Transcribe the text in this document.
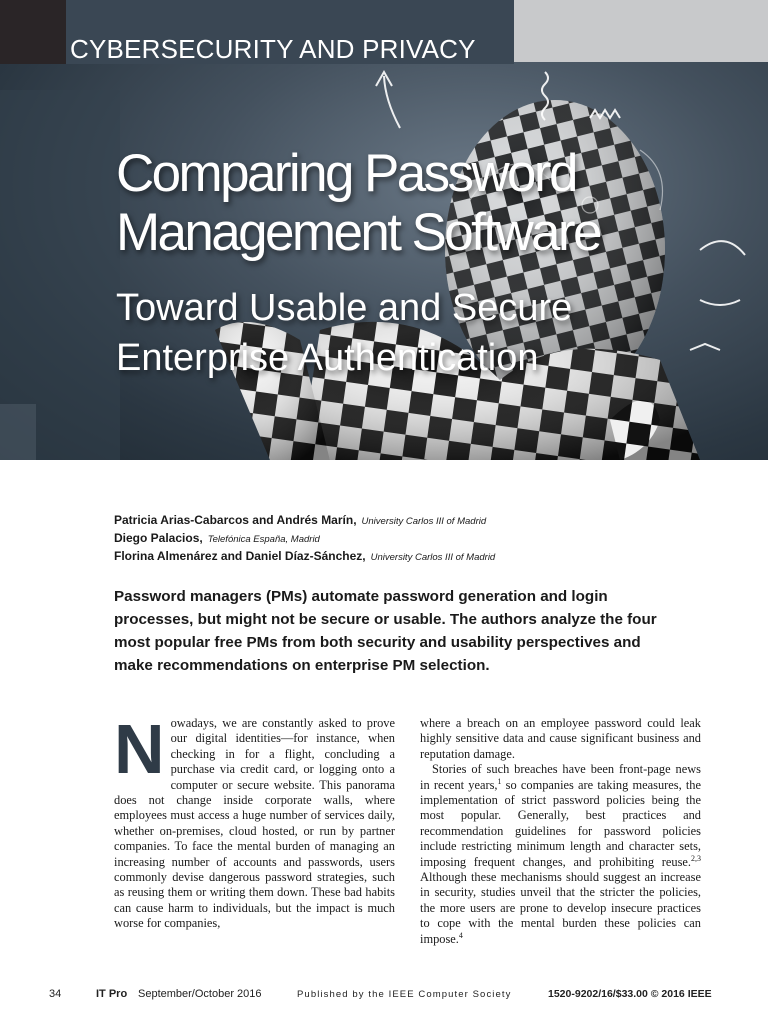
CYBERSECURITY AND PRIVACY
Comparing Password
Management Software
Toward Usable and Secure
Enterprise Authentication
Patricia Arias-Cabarcos and Andrés Marín, University Carlos III of Madrid
Diego Palacios, Telefónica España, Madrid
Florina Almenárez and Daniel Díaz-Sánchez, University Carlos III of Madrid
Password managers (PMs) automate password generation and login processes, but might not be secure or usable. The authors analyze the four most popular free PMs from both security and usability perspectives and make recommendations on enterprise PM selection.
N owadays, we are constantly asked to prove our digital identities—for instance, when checking in for a flight, concluding a purchase via credit card, or logging onto a computer or secure website. This panorama does not change inside corporate walls, where employees must access a huge number of services daily, whether on-premises, cloud hosted, or run by partner companies. To face the mental burden of managing an increasing number of accounts and passwords, users commonly devise dangerous password strategies, such as reusing them or writing them down. These bad habits can cause harm to individuals, but the impact is much worse for companies,

where a breach on an employee password could leak highly sensitive data and cause significant business and reputation damage.

Stories of such breaches have been front-page news in recent years,$^1$ so companies are taking measures, the implementation of strict password policies being the most popular. Generally, best practices and recommendation guidelines for password policies include restricting minimum length and character sets, imposing frequent changes, and prohibiting reuse.$^{2,3}$ Although these mechanisms should suggest an increase in security, studies unveil that the stricter the policies, the more users are prone to develop insecure practices to cope with the mental burden these policies can impose.$^4$

34	IT Pro September/October 2016	Published by the IEEE Computer Society	1520-9202/16/$33.00 © 2016 IEEE
